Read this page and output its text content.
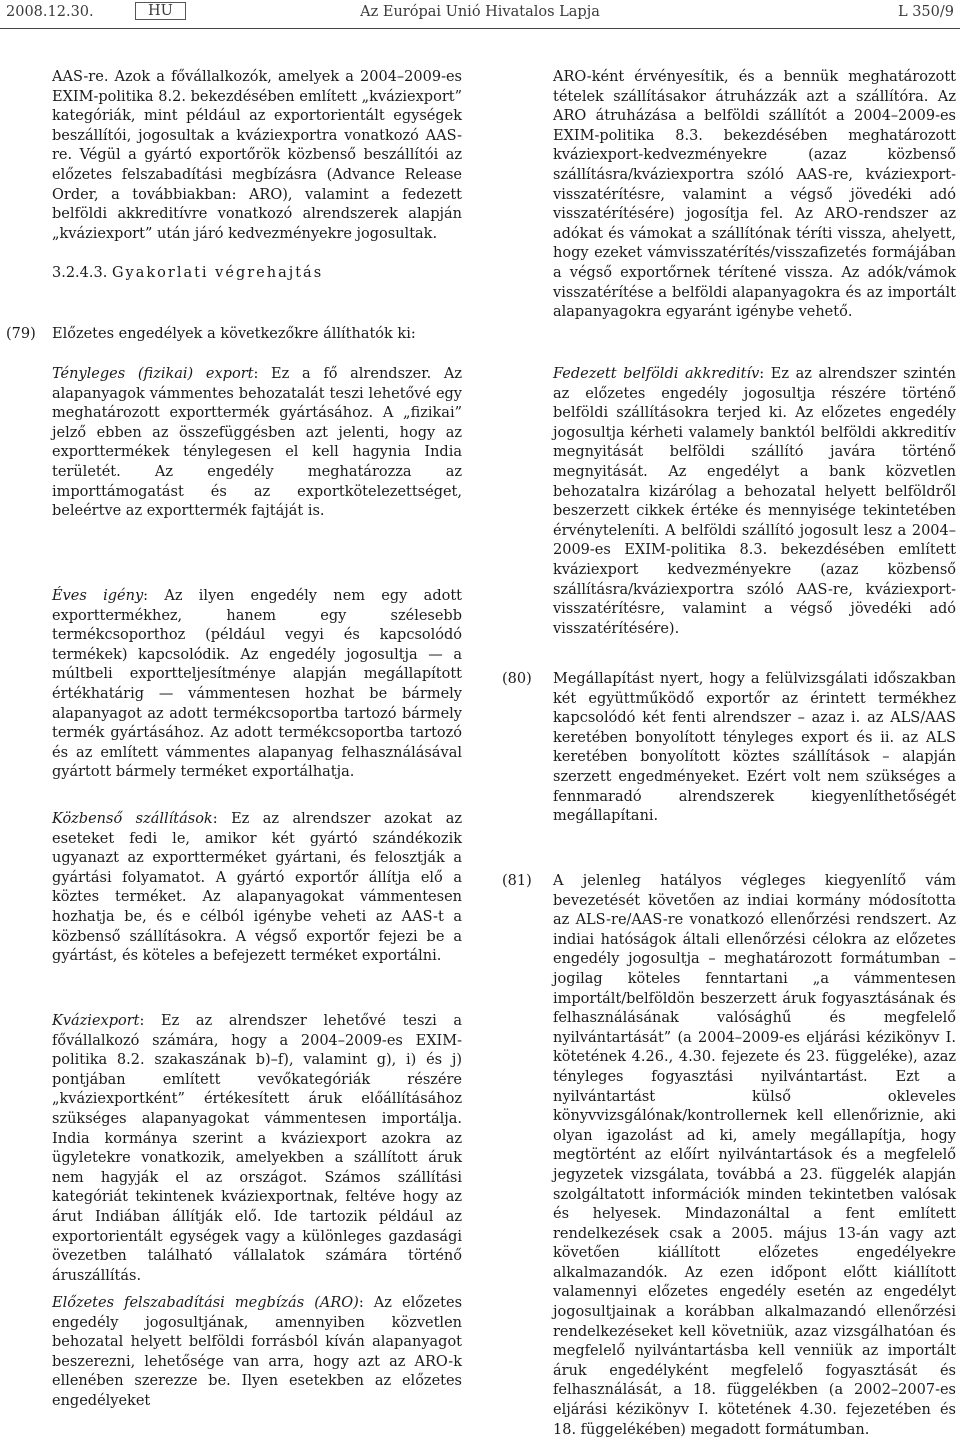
2008.12.30.	HU	Az Európai Unió Hivatalos Lapja	L 350/9

AAS-re. Azok a fővállalkozók, amelyek a 2004–2009-es EXIM-politika 8.2. bekezdésében említett „kváziexport” kategóriák, mint például az exportorientált egységek beszállítói, jogosultak a kváziexportra vonatkozó AAS-re. Végül a gyártó exportőrök közbenső beszállítói az előzetes felszabadítási megbízásra (Advance Release Order, a továbbiakban: ARO), valamint a fedezett belföldi akkreditívre vonatkozó alrendszerek alapján „kváziexport” után járó kedvezményekre jogosultak.

3.2.4.3. Gyakorlati végrehajtás

ARO-ként érvényesítik, és a bennük meghatározott tételek szállításakor átruházzák azt a szállítóra. Az ARO átruházása a belföldi szállítót a 2004–2009-es EXIM-politika 8.3. bekezdésében meghatározott kváziexport-kedvezményekre (azaz közbenső szállításra/kváziexportra szóló AAS-re, kváziexport-visszatérítésre, valamint a végső jövedéki adó visszatérítésére) jogosítja fel. Az ARO-rendszer az adókat és vámokat a szállítónak téríti vissza, ahelyett, hogy ezeket vámvisszatérítés/visszafizetés formájában a végső exportőrnek térítené vissza. Az adók/vámok visszatérítése a belföldi alapanyagokra és az importált alapanyagokra egyaránt igénybe vehető.

(79) Előzetes engedélyek a következőkre állíthatók ki:

Tényleges (fizikai) export: Ez a fő alrendszer. Az alapanyagok vámmentes behozatalát teszi lehetővé egy meghatározott exporttermék gyártásához. A „fizikai” jelző ebben az összefüggésben azt jelenti, hogy az exporttermékek ténylegesen el kell hagynia India területét. Az engedély meghatározza az importtámogatást és az exportkötelezettséget, beleértve az exporttermék fajtáját is.

Éves igény: Az ilyen engedély nem egy adott exporttermékhez, hanem egy szélesebb termékcsoporthoz (például vegyi és kapcsolódó termékek) kapcsolódik. Az engedély jogosultja — a múltbeli exportteljesítménye alapján megállapított értékhatárig — vámmentesen hozhat be bármely alapanyagot az adott termékcsoportba tartozó bármely termék gyártásához. Az adott termékcsoportba tartozó és az említett vámmentes alapanyag felhasználásával gyártott bármely terméket exportálhatja.

Közbenső szállítások: Ez az alrendszer azokat az eseteket fedi le, amikor két gyártó szándékozik ugyanazt az exportterméket gyártani, és felosztják a gyártási folyamatot. A gyártó exportőr állítja elő a köztes terméket. Az alapanyagokat vámmentesen hozhatja be, és e célból igénybe veheti az AAS-t a közbenső szállításokra. A végső exportőr fejezi be a gyártást, és köteles a befejezett terméket exportálni.

Kváziexport: Ez az alrendszer lehetővé teszi a fővállalkozó számára, hogy a 2004–2009-es EXIM-politika 8.2. szakaszának b)–f), valamint g), i) és j) pontjában említett vevőkategóriák részére „kváziexportként” értékesített áruk előállításához szükséges alapanyagokat vámmentesen importálja. India kormánya szerint a kváziexport azokra az ügyletekre vonatkozik, amelyekben a szállított áruk nem hagyják el az országot. Számos szállítási kategóriát tekintenek kváziexportnak, feltéve hogy az árut Indiában állítják elő. Ide tartozik például az exportorientált egységek vagy a különleges gazdasági övezetben található vállalatok számára történő áruszállítás.

Előzetes felszabadítási megbízás (ARO): Az előzetes engedély jogosultjának, amennyiben közvetlen behozatal helyett belföldi forrásból kíván alapanyagot beszerezni, lehetősége van arra, hogy azt az ARO-k ellenében szerezze be. Ilyen esetekben az előzetes engedélyeket

Fedezett belföldi akkreditív: Ez az alrendszer szintén az előzetes engedély jogosultja részére történő belföldi szállításokra terjed ki. Az előzetes engedély jogosultja kérheti valamely banktól belföldi akkreditív megnyitását belföldi szállító javára történő megnyitását. Az engedélyt a bank közvetlen behozatalra kizárólag a behozatal helyett belföldről beszerzett cikkek értéke és mennyisége tekintetében érvényteleníti. A belföldi szállító jogosult lesz a 2004–2009-es EXIM-politika 8.3. bekezdésében említett kváziexport kedvezményekre (azaz közbenső szállításra/kváziexportra szóló AAS-re, kváziexport-visszatérítésre, valamint a végső jövedéki adó visszatérítésére).

(80) Megállapítást nyert, hogy a felülvizsgálati időszakban két együttműködő exportőr az érintett termékhez kapcsolódó két fenti alrendszer – azaz i. az ALS/AAS keretében bonyolított tényleges export és ii. az ALS keretében bonyolított köztes szállítások – alapján szerzett engedményeket. Ezért volt nem szükséges a fennmaradó alrendszerek kiegyenlíthetőségét megállapítani.

(81) A jelenleg hatályos végleges kiegyenlítő vám bevezetését követően az indiai kormány módosította az ALS-re/AAS-re vonatkozó ellenőrzési rendszert. Az indiai hatóságok általi ellenőrzési célokra az előzetes engedély jogosultja – meghatározott formátumban – jogilag köteles fenntartani „a vámmentesen importált/belföldön beszerzett áruk fogyasztásának és felhasználásának valósághű és megfelelő nyilvántartását” (a 2004–2009-es eljárási kézikönyv I. kötetének 4.26., 4.30. fejezete és 23. függeléke), azaz tényleges fogyasztási nyilvántartást. Ezt a nyilvántartást külső okleveles könyvvizsgálónak/kontrollernek kell ellenőriznie, aki olyan igazolást ad ki, amely megállapítja, hogy megtörtént az előírt nyilvántartások és a megfelelő jegyzetek vizsgálata, továbbá a 23. függelék alapján szolgáltatott információk minden tekintetben valósak és helyesek. Mindazonáltal a fent említett rendelkezések csak a 2005. május 13-án vagy azt követően kiállított előzetes engedélyekre alkalmazandók. Az ezen időpont előtt kiállított valamennyi előzetes engedély esetén az engedélyt jogosultjainak a korábban alkalmazandó ellenőrzési rendelkezéseket kell követniük, azaz vizsgálhatóan és megfelelő nyilvántartásba kell venniük az importált áruk engedélyként megfelelő fogyasztását és felhasználását, a 18. függelékben (a 2002–2007-es eljárási kézikönyv I. kötetének 4.30. fejezetében és 18. függelékében) megadott formátumban.
